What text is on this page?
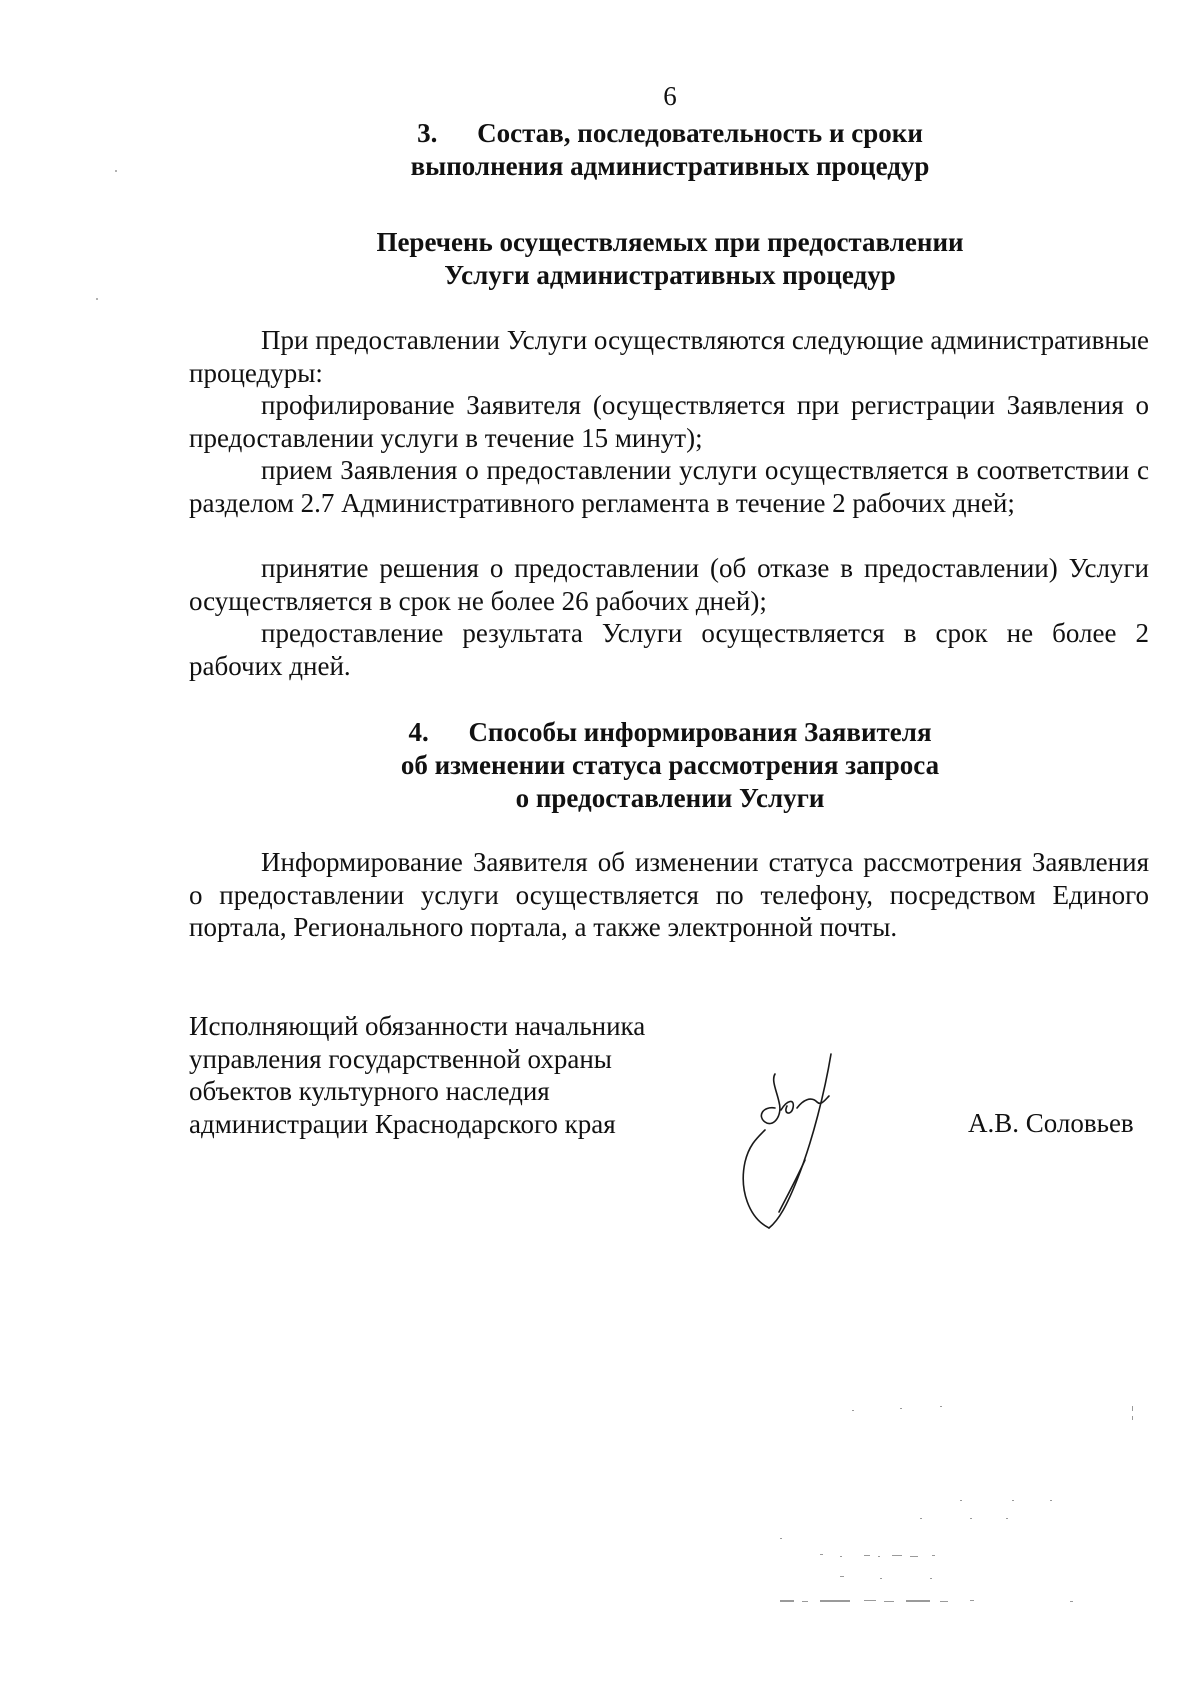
6
3. Состав, последовательность и сроки
выполнения административных процедур
Перечень осуществляемых при предоставлении
Услуги административных процедур

При предоставлении Услуги осуществляются следующие административные процедуры:

профилирование Заявителя (осуществляется при регистрации Заявления о предоставлении услуги в течение 15 минут);

прием Заявления о предоставлении услуги осуществляется в соответствии с разделом 2.7 Административного регламента в течение 2 рабочих дней;

принятие решения о предоставлении (об отказе в предоставлении) Услуги осуществляется в срок не более 26 рабочих дней);

предоставление результата Услуги осуществляется в срок не более 2 рабочих дней.

4. Способы информирования Заявителя
об изменении статуса рассмотрения запроса
о предоставлении Услуги

Информирование Заявителя об изменении статуса рассмотрения Заявления о предоставлении услуги осуществляется по телефону, посредством Единого портала, Регионального портала, а также электронной почты.

Исполняющий обязанности начальника
управления государственной охраны
объектов культурного наследия
администрации Краснодарского края	А.В. Соловьев
